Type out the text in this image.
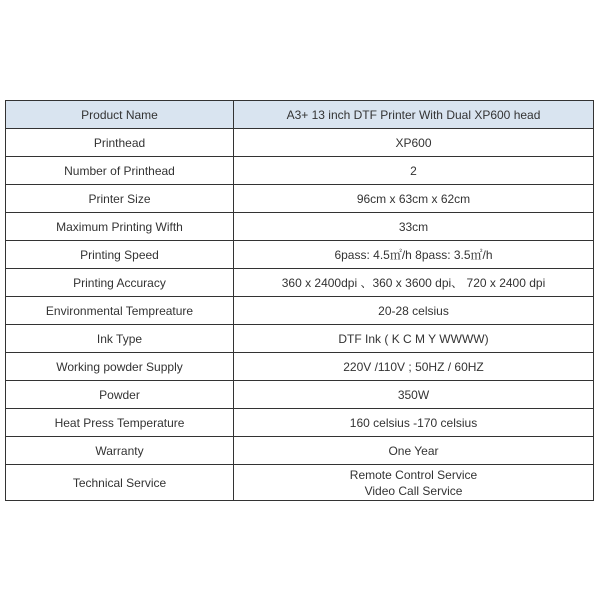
Product Name	A3+ 13 inch DTF Printer With Dual XP600 head
Printhead	XP600
Number of Printhead	2
Printer Size	96cm x 63cm x 62cm
Maximum Printing Wifth	33cm
Printing Speed	6pass: 4.5㎡/h 8pass: 3.5㎡/h
Printing Accuracy	360 x 2400dpi 、360 x 3600 dpi、 720 x 2400 dpi
Environmental Tempreature	20-28 celsius
Ink Type	DTF Ink ( K C M Y WWWW)
Working powder Supply	220V /110V ; 50HZ / 60HZ
Powder	350W
Heat Press Temperature	160 celsius -170 celsius
Warranty	One Year
Technical Service	Remote Control Service
Video Call Service
